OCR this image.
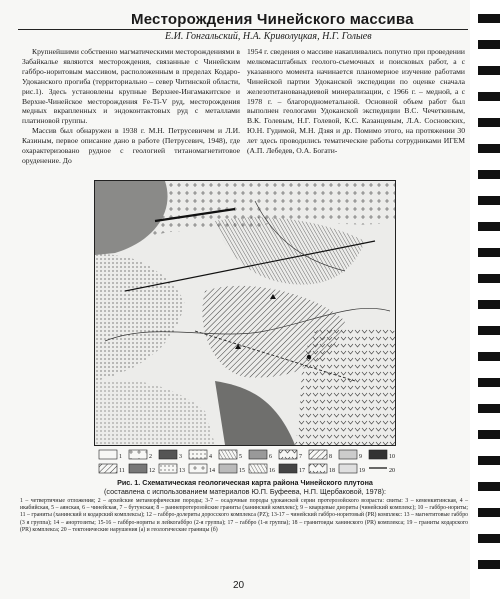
Месторождения Чинейского массива
Е.И. Гонгальский, Н.А. Криволуцкая, Н.Г. Голыев

Крупнейшими собственно магматическими месторождениями в Забайкалье являются месторождения, связанные с Чинейским габбро-норитовым массивом, расположенным в пределах Кодаро-Удоканского прогиба (территориально – север Читинской области, рис.1). Здесь установлены крупные Верхнее-Ингамакитское и Верхне-Чинейское месторождения Fe-Ti-V руд, месторождения медных вкрапленных и эндоконтактовых руд с металлами платиновой группы.

Массив был обнаружен в 1938 г. М.Н. Петрусевичем и Л.И. Казиным, первое описание дано в работе (Петрусевич, 1948), где охарактеризовано рудное с геологией титаномагнетитовое оруденение. До

1954 г. сведения о массиве накапливались попутно при проведении мелкомасштабных геолого-съемочных и поисковых работ, а с указанного момента начинается планомерное изучение работами Чинейской партии Удоканской экспедиции по оценке сначала железотитанованадиевой минерализации, с 1966 г. – медной, а с 1978 г. – благороднометальной. Основной объем работ был выполнен геологами Удоканской экспедиции В.С. Чечеткиным, В.К. Голевым, Н.Г. Голевой, К.С. Казанцевым, Л.А. Сосновских, Ю.Н. Гудимой, М.Н. Дзяя и др. Помимо этого, на протяжении 30 лет здесь проводились тематические работы сотрудниками ИГЕМ (А.П. Лебедев, О.А. Богати-

1	2	3	4	5	6	7	8	9	10
11	12	13	14	15	16	17	18	19	20
Рис. 1. Схематическая геологическая карта района Чинейского плутона
(составлена с использованием материалов Ю.П. Буфеева, Н.П. Щербаковой, 1978):
1 – четвертичные отложения; 2 – архейские метаморфические породы; 3-7 – осадочные породы удоканской серии протерозойского возраста: свиты: 3 – кеменкитинская, 4 – икабийская, 5 – аянская, 6 – чинейская, 7 – бутунская; 8 – раннепротерозойские граниты (ханинский комплекс); 9 – кварцевые диориты (чинейский комплекс); 10 – габбро-нориты; 11 – граниты (ханинский и кодарский комплексы); 12 – габбро-долериты доросского комплекса (PZ); 13-17 – чинейский габбро-норитовый (PR) комплекс: 13 – магнетитовые габбро (3 я группа); 14 – анортозиты; 15-16 – габбро-нориты и лейкогаббро (2-я группа); 17 – габбро (1-я группа); 18 – гранитоиды ханинского (PR) комплекса; 19 – граниты кодарского (PR) комплекса; 20 – тектонические нарушения (а) и геологические границы (б)
20
